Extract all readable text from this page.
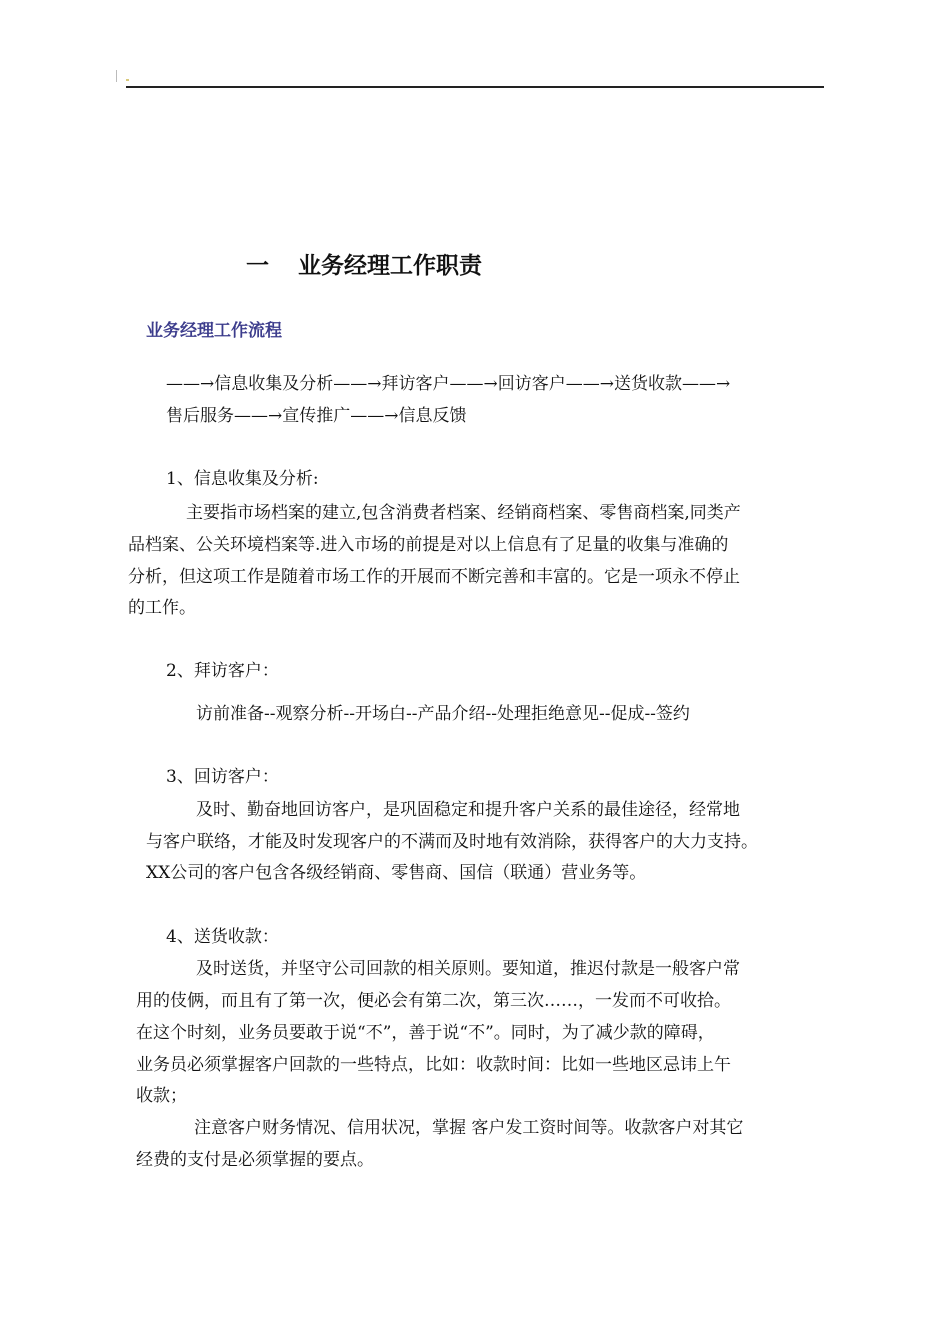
一 业务经理工作职责
业务经理工作流程
——→信息收集及分析——→拜访客户——→回访客户——→送货收款——→
售后服务——→宣传推广——→信息反馈
1、信息收集及分析:
主要指市场档案的建立,包含消费者档案、经销商档案、零售商档案,同类产
品档案、公关环境档案等.进入市场的前提是对以上信息有了足量的收集与准确的
分析，但这项工作是随着市场工作的开展而不断完善和丰富的。它是一项永不停止
的工作。
2、拜访客户：
访前准备--观察分析--开场白--产品介绍--处理拒绝意见--促成--签约
3、回访客户：
及时、勤奋地回访客户，是巩固稳定和提升客户关系的最佳途径，经常地
与客户联络，才能及时发现客户的不满而及时地有效消除，获得客户的大力支持。
XX公司的客户包含各级经销商、零售商、国信（联通）营业务等。
4、送货收款：
及时送货，并坚守公司回款的相关原则。要知道，推迟付款是一般客户常
用的伎俩，而且有了第一次，便必会有第二次，第三次……，一发而不可收拾。
在这个时刻，业务员要敢于说“不”，善于说“不”。同时，为了减少款的障碍，
业务员必须掌握客户回款的一些特点，比如：收款时间：比如一些地区忌讳上午
收款；
注意客户财务情况、信用状况，掌握 客户发工资时间等。收款客户对其它
经费的支付是必须掌握的要点。
